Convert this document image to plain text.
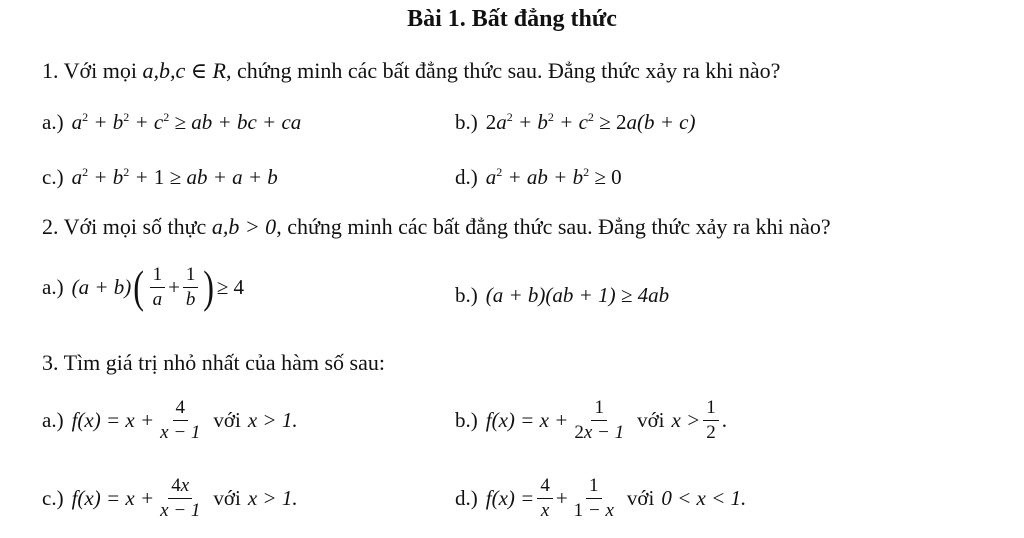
Bài 1. Bất đẳng thức
1. Với mọi a,b,c ∈ R, chứng minh các bất đẳng thức sau. Đẳng thức xảy ra khi nào?
a.) $a^2 + b^2 + c^2$ ≥ ab + bc + ca	b.) $2a^2 + b^2 + c^2 \ge 2a(b + c)$
c.) $a^2 + b^2 + 1$ ≥ ab + a + b	d.) $a^2$ + ab + $b^2 \ge 0$
2. Với mọi số thực a,b > 0, chứng minh các bất đẳng thức sau. Đẳng thức xảy ra khi nào?
a.) (a + b) ( $\frac{1}{a} + \frac{1}{b}$ ) ≥ 4	b.) (a + b)(ab + 1) ≥ 4ab
3. Tìm giá trị nhỏ nhất của hàm số sau:
a.) $f(x) = x + \frac{4}{x - 1}$ với x > 1.	b.) $f(x) = x + \frac{1}{2x - 1}$ với $x > \frac{1}{2}$ .
c.) $f(x) = x + \frac{4x}{x - 1}$ với x > 1.	d.) $f(x) = \frac{4}{x} + \frac{1}{1 - x}$ với 0 < x < 1.
